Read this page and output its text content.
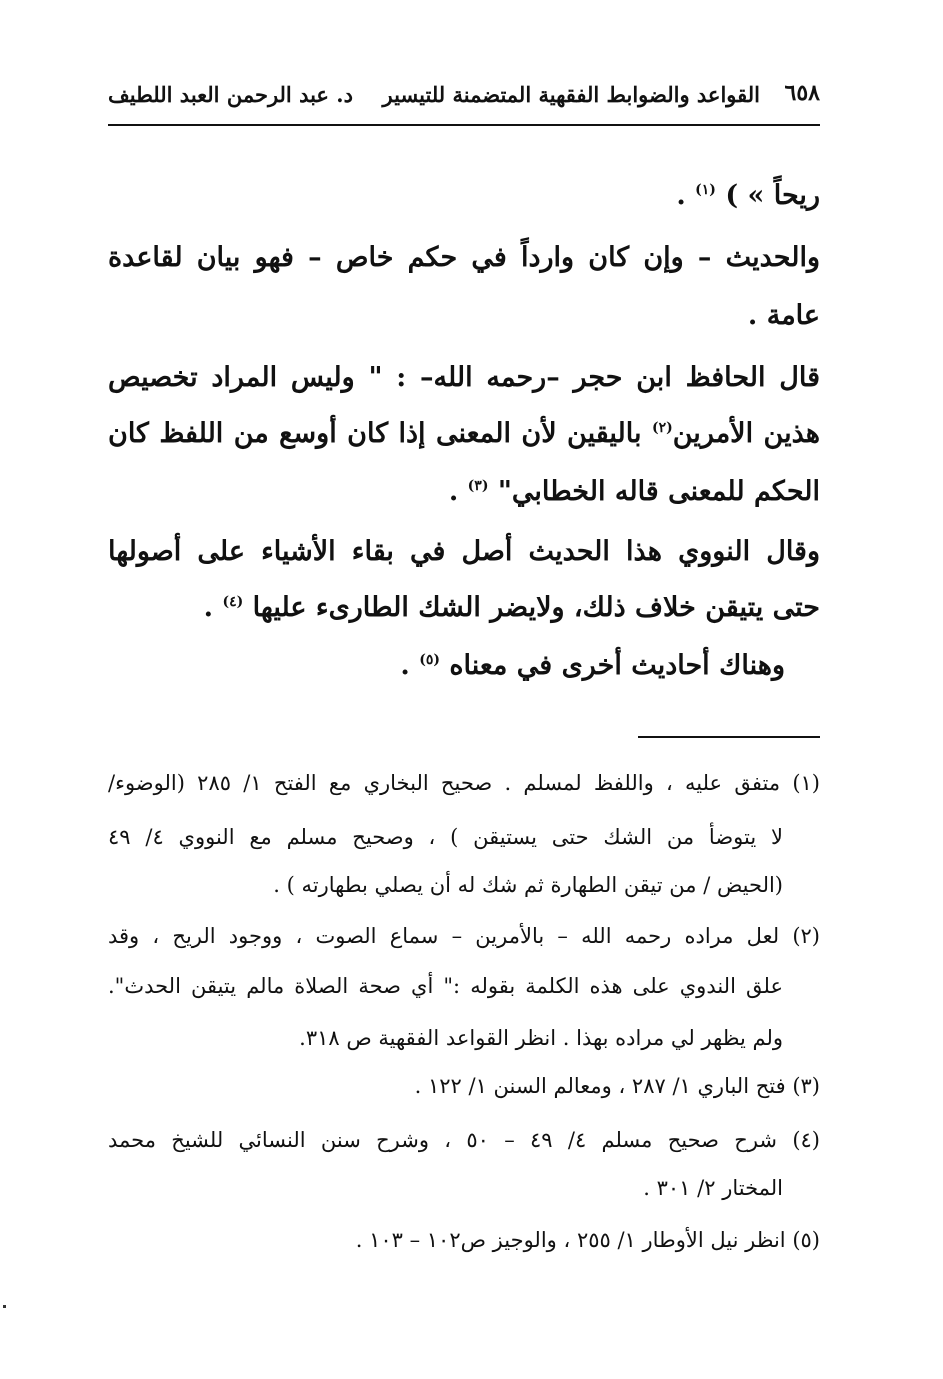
٦٥٨
القواعد والضوابط الفقهية المتضمنة للتيسير
د. عبد الرحمن العبد اللطيف
ريحاً » ) $^{(١)}$ .
والحديث – وإن كان وارداً في حكم خاص – فهو بيان لقاعدة
عامة .
قال الحافظ ابن حجر –رحمه الله– : " وليس المراد تخصيص
هذين الأمرين$^{(٢)}$ باليقين لأن المعنى إذا كان أوسع من اللفظ كان
الحكم للمعنى قاله الخطابي" $^{(٣)}$ .
وقال النووي هذا الحديث أصل في بقاء الأشياء على أصولها
حتى يتيقن خلاف ذلك، ولايضر الشك الطارىء عليها $^{(٤)}$ .
وهناك أحاديث أخرى في معناه $^{(٥)}$ .
(١) متفق عليه ، واللفظ لمسلم . صحيح البخاري مع الفتح ١/ ٢٨٥ (الوضوء/
لا يتوضأ من الشك حتى يستيقن ) ، وصحيح مسلم مع النووي ٤/ ٤٩
(الحيض / من تيقن الطهارة ثم شك له أن يصلي بطهارته ) .
(٢) لعل مراده رحمه الله – بالأمرين – سماع الصوت ، ووجود الريح ، وقد
علق الندوي على هذه الكلمة بقوله :" أي صحة الصلاة مالم يتيقن الحدث".
ولم يظهر لي مراده بهذا . انظر القواعد الفقهية ص ٣١٨.
(٣) فتح الباري ١/ ٢٨٧ ، ومعالم السنن ١/ ١٢٢ .
(٤) شرح صحيح مسلم ٤/ ٤٩ – ٥٠ ، وشرح سنن النسائي للشيخ محمد
المختار ٢/ ٣٠١ .
(٥) انظر نيل الأوطار ١/ ٢٥٥ ، والوجيز ص١٠٢ – ١٠٣ .
